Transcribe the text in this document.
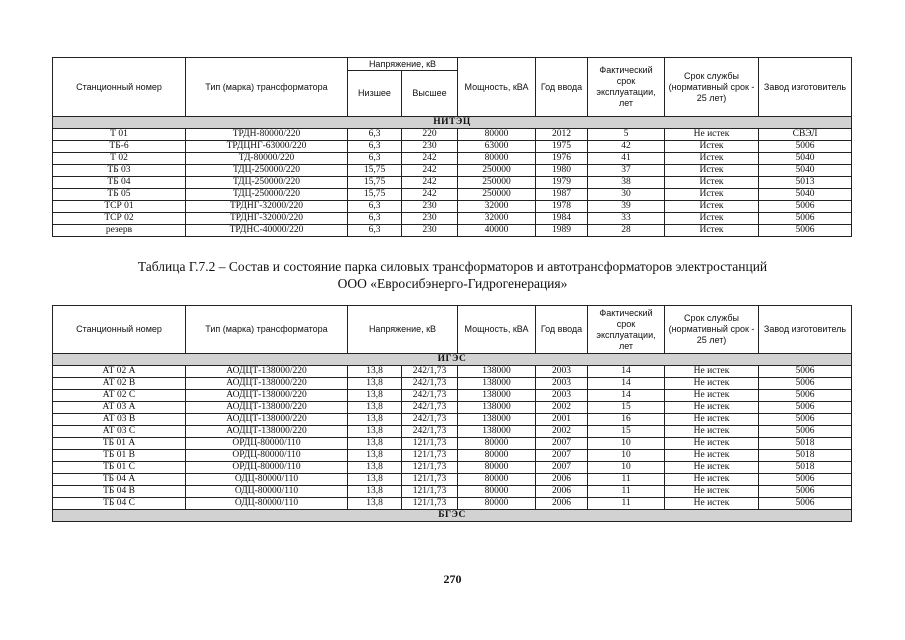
Станционный номер	Тип (марка) трансформатора	Напряжение, кВ		Мощность, кВА	Год ввода	Фактический срок эксплуатации, лет	Срок службы (нормативный срок - 25 лет)	Завод изготовитель
		Низшее	Высшее					
НИТЭЦ								
Т 01	ТРДН-80000/220	6,3	220	80000	2012	5	Не истек	СВЭЛ
ТБ-6	ТРДЦНГ-63000/220	6,3	230	63000	1975	42	Истек	5006
Т 02	ТД-80000/220	6,3	242	80000	1976	41	Истек	5040
ТБ 03	ТДЦ-250000/220	15,75	242	250000	1980	37	Истек	5040
ТБ 04	ТДЦ-250000/220	15,75	242	250000	1979	38	Истек	5013
ТБ 05	ТДЦ-250000/220	15,75	242	250000	1987	30	Истек	5040
ТСР 01	ТРДНГ-32000/220	6,3	230	32000	1978	39	Истек	5006
ТСР 02	ТРДНГ-32000/220	6,3	230	32000	1984	33	Истек	5006
резерв	ТРДНС-40000/220	6,3	230	40000	1989	28	Истек	5006
Таблица Г.7.2 – Состав и состояние парка силовых трансформаторов и автотрансформаторов электростанций
ООО «Евросибэнерго-Гидрогенерация»
Станционный номер	Тип (марка) трансформатора	Напряжение, кВ		Мощность, кВА	Год ввода	Фактический срок эксплуатации, лет	Срок службы (нормативный срок - 25 лет)	Завод изготовитель
ИГЭС								
АТ 02 А	АОДЦТ-138000/220	13,8	242/1,73	138000	2003	14	Не истек	5006
АТ 02 В	АОДЦТ-138000/220	13,8	242/1,73	138000	2003	14	Не истек	5006
АТ 02 С	АОДЦТ-138000/220	13,8	242/1,73	138000	2003	14	Не истек	5006
АТ 03 А	АОДЦТ-138000/220	13,8	242/1,73	138000	2002	15	Не истек	5006
АТ 03 В	АОДЦТ-138000/220	13,8	242/1,73	138000	2001	16	Не истек	5006
АТ 03 С	АОДЦТ-138000/220	13,8	242/1,73	138000	2002	15	Не истек	5006
ТБ 01 А	ОРДЦ-80000/110	13,8	121/1,73	80000	2007	10	Не истек	5018
ТБ 01 В	ОРДЦ-80000/110	13,8	121/1,73	80000	2007	10	Не истек	5018
ТБ 01 С	ОРДЦ-80000/110	13,8	121/1,73	80000	2007	10	Не истек	5018
ТБ 04 А	ОДЦ-80000/110	13,8	121/1,73	80000	2006	11	Не истек	5006
ТБ 04 В	ОДЦ-80000/110	13,8	121/1,73	80000	2006	11	Не истек	5006
ТБ 04 С	ОДЦ-80000/110	13,8	121/1,73	80000	2006	11	Не истек	5006
БГЭС								
270
